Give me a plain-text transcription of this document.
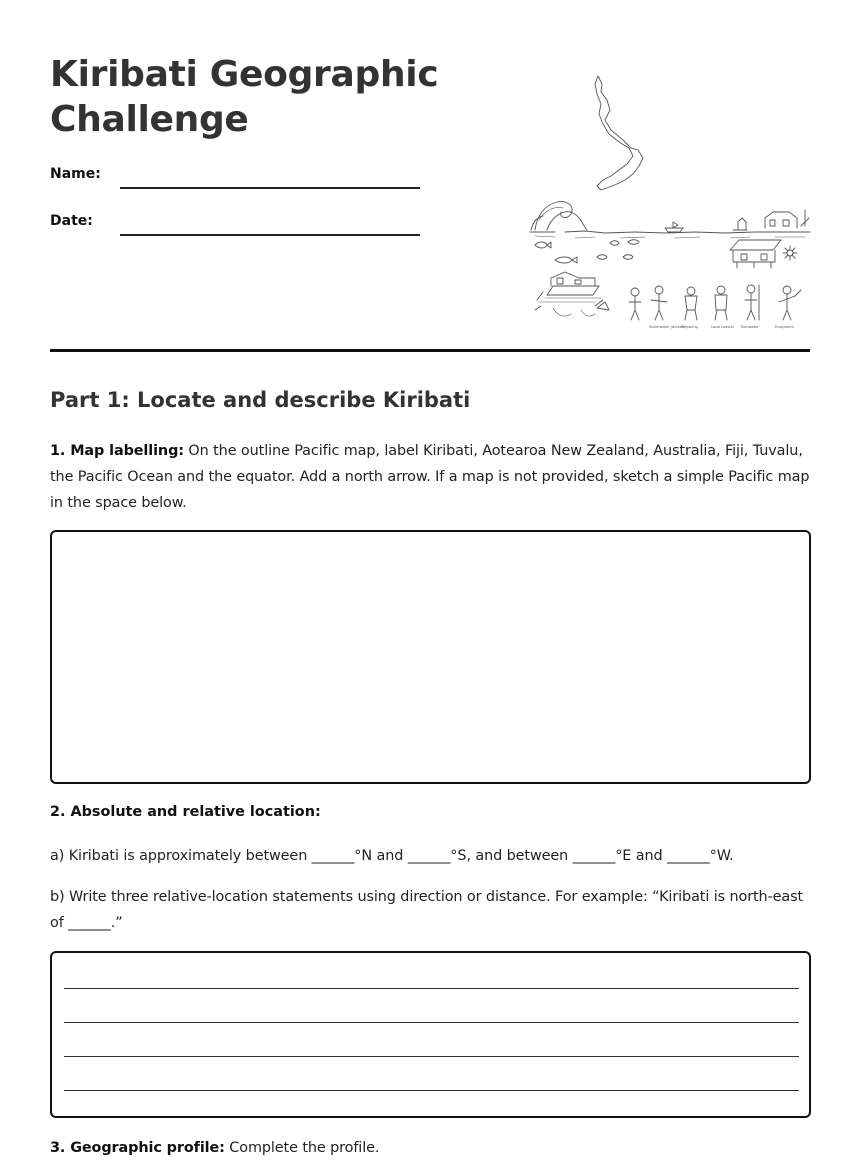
Kiribati Geographic
Challenge
Name:
Date:
Stormwater (broken)
Preparing	Local coastal Rainwater	Ecosystem
Part 1: Locate and describe Kiribati

1. Map labelling: On the outline Pacific map, label Kiribati, Aotearoa New Zealand, Australia, Fiji, Tuvalu, the Pacific Ocean and the equator. Add a north arrow. If a map is not provided, sketch a simple Pacific map in the space below.

2. Absolute and relative location:

a) Kiribati is approximately between ______°N and ______°S, and between ______°E and ______°W.

b) Write three relative-location statements using direction or distance. For example: “Kiribati is north-east of ______.”

3. Geographic profile: Complete the profile.
